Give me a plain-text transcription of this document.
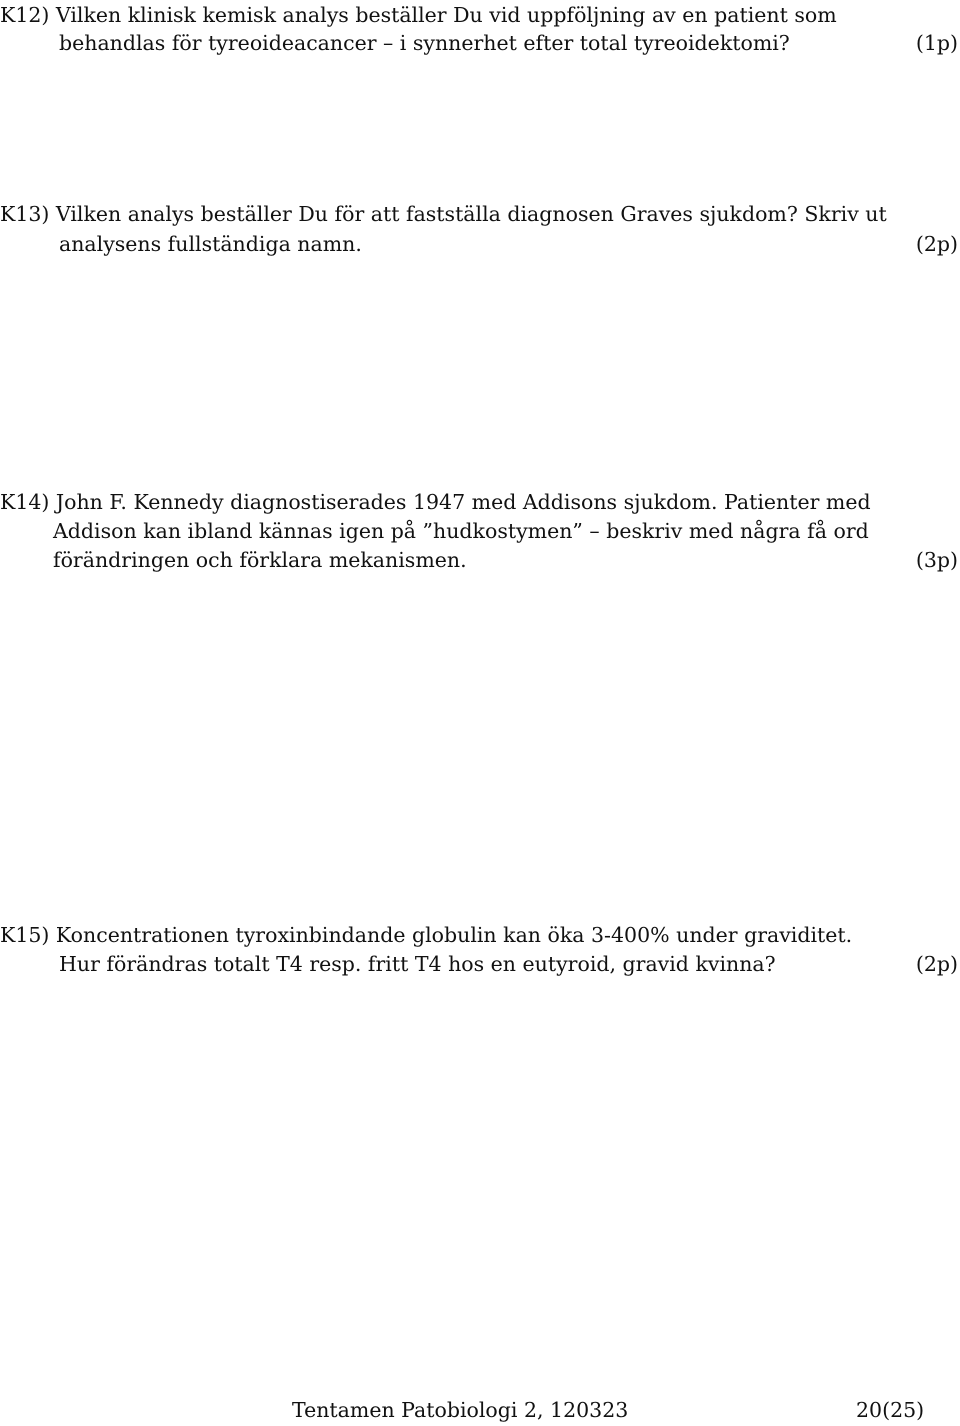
K12) Vilken klinisk kemisk analys beställer Du vid uppföljning av en patient som
behandlas för tyreoideacancer – i synnerhet efter total tyreoidektomi?	(1p)
K13) Vilken analys beställer Du för att fastställa diagnosen Graves sjukdom? Skriv ut
analysens fullständiga namn.	(2p)
K14) John F. Kennedy diagnostiserades 1947 med Addisons sjukdom. Patienter med
Addison kan ibland kännas igen på ”hudkostymen” – beskriv med några få ord
förändringen och förklara mekanismen.	(3p)
K15) Koncentrationen tyroxinbindande globulin kan öka 3-400% under graviditet.
Hur förändras totalt T4 resp. fritt T4 hos en eutyroid, gravid kvinna?	(2p)
Tentamen Patobiologi 2, 120323	20(25)
